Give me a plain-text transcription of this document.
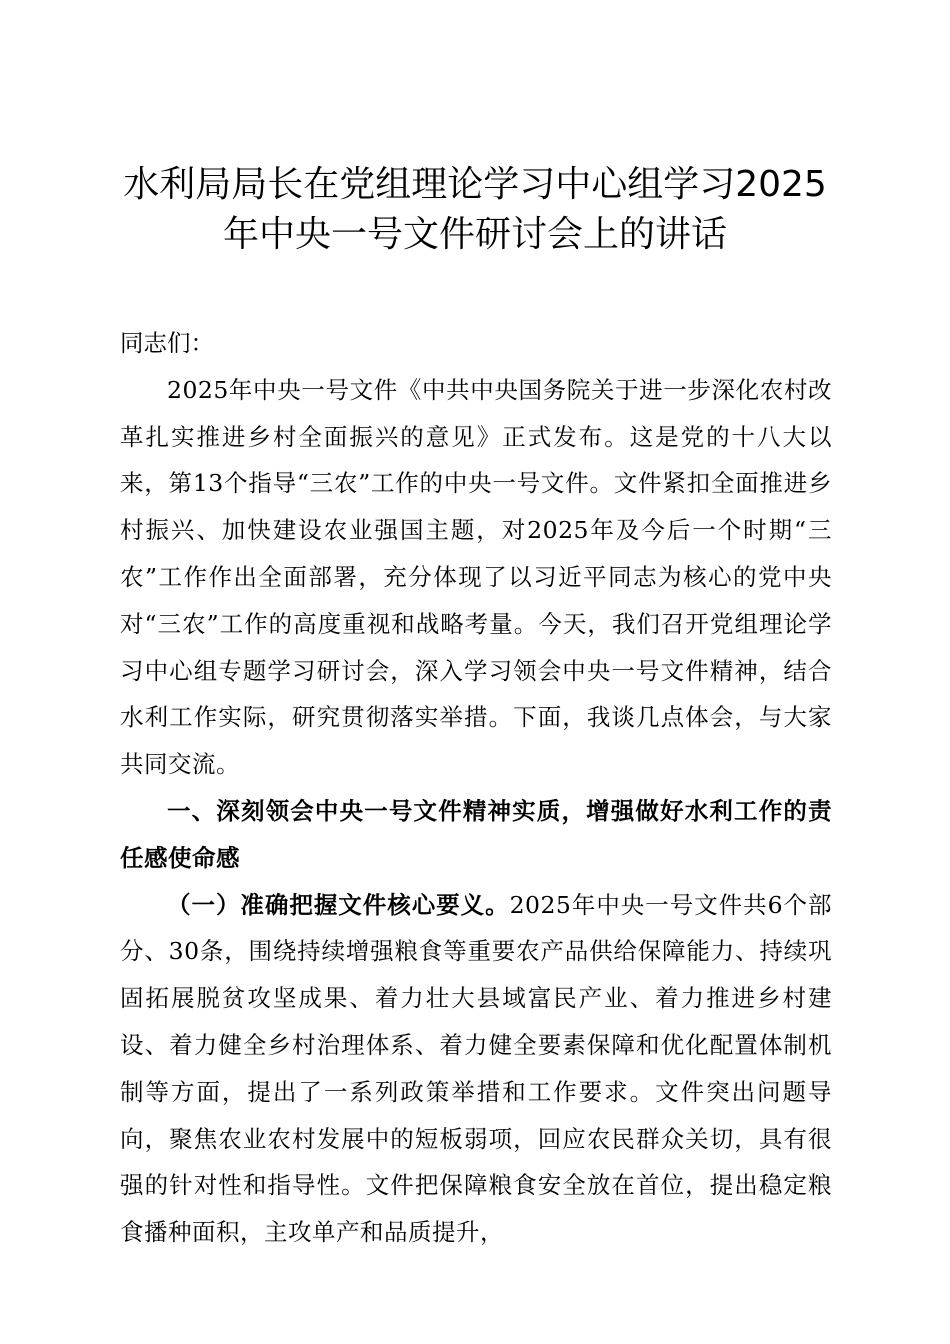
水利局局长在党组理论学习中心组学习2025
年中央一号文件研讨会上的讲话

同志们：

2025年中央一号文件《中共中央国务院关于进一步深化农村改革扎实推进乡村全面振兴的意见》正式发布。这是党的十八大以来，第13个指导“三农”工作的中央一号文件。文件紧扣全面推进乡村振兴、加快建设农业强国主题，对2025年及今后一个时期“三农”工作作出全面部署，充分体现了以习近平同志为核心的党中央对“三农”工作的高度重视和战略考量。今天，我们召开党组理论学习中心组专题学习研讨会，深入学习领会中央一号文件精神，结合水利工作实际，研究贯彻落实举措。下面，我谈几点体会，与大家共同交流。

一、深刻领会中央一号文件精神实质，增强做好水利工作的责任感使命感

（一）准确把握文件核心要义。2025年中央一号文件共6个部分、30条，围绕持续增强粮食等重要农产品供给保障能力、持续巩固拓展脱贫攻坚成果、着力壮大县域富民产业、着力推进乡村建设、着力健全乡村治理体系、着力健全要素保障和优化配置体制机制等方面，提出了一系列政策举措和工作要求。文件突出问题导向，聚焦农业农村发展中的短板弱项，回应农民群众关切，具有很强的针对性和指导性。文件把保障粮食安全放在首位，提出稳定粮食播种面积，主攻单产和品质提升，
